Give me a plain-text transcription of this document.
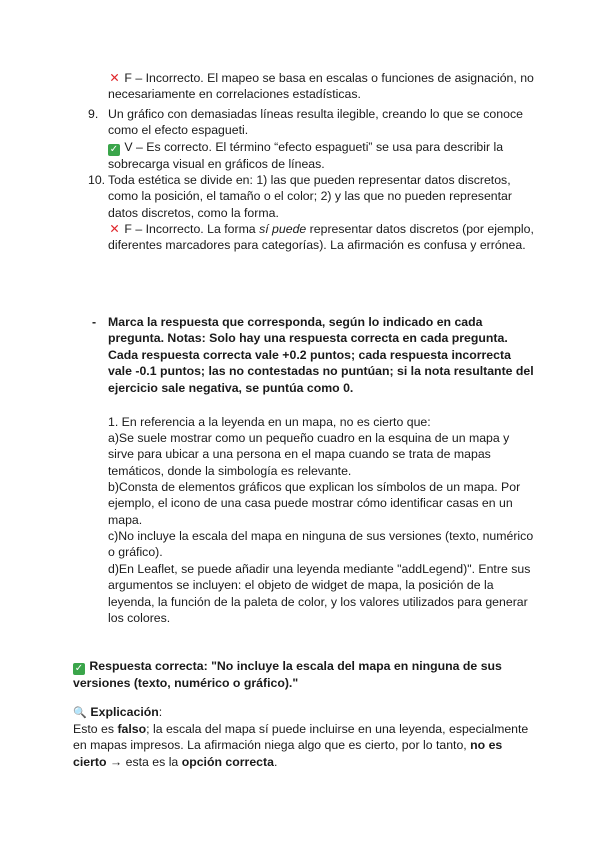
✕ F – Incorrecto. El mapeo se basa en escalas o funciones de asignación, no necesariamente en correlaciones estadísticas.
9. Un gráfico con demasiadas líneas resulta ilegible, creando lo que se conoce como el efecto espagueti.
✓ V – Es correcto. El término “efecto espagueti” se usa para describir la sobrecarga visual en gráficos de líneas.
10. Toda estética se divide en: 1) las que pueden representar datos discretos, como la posición, el tamaño o el color; 2) y las que no pueden representar datos discretos, como la forma.
✕ F – Incorrecto. La forma sí puede representar datos discretos (por ejemplo, diferentes marcadores para categorías). La afirmación es confusa y errónea.
- Marca la respuesta que corresponda, según lo indicado en cada pregunta. Notas: Solo hay una respuesta correcta en cada pregunta. Cada respuesta correcta vale +0.2 puntos; cada respuesta incorrecta vale -0.1 puntos; las no contestadas no puntúan; si la nota resultante del ejercicio sale negativa, se puntúa como 0.
1. En referencia a la leyenda en un mapa, no es cierto que:
a)Se suele mostrar como un pequeño cuadro en la esquina de un mapa y sirve para ubicar a una persona en el mapa cuando se trata de mapas temáticos, donde la simbología es relevante.
b)Consta de elementos gráficos que explican los símbolos de un mapa. Por ejemplo, el icono de una casa puede mostrar cómo identificar casas en un mapa.
c)No incluye la escala del mapa en ninguna de sus versiones (texto, numérico o gráfico).
d)En Leaflet, se puede añadir una leyenda mediante "addLegend)". Entre sus argumentos se incluyen: el objeto de widget de mapa, la posición de la leyenda, la función de la paleta de color, y los valores utilizados para generar los colores.
✓ Respuesta correcta: "No incluye la escala del mapa en ninguna de sus versiones (texto, numérico o gráfico)."
🔍 Explicación:
Esto es falso; la escala del mapa sí puede incluirse en una leyenda, especialmente en mapas impresos. La afirmación niega algo que es cierto, por lo tanto, no es cierto → esta es la opción correcta.
